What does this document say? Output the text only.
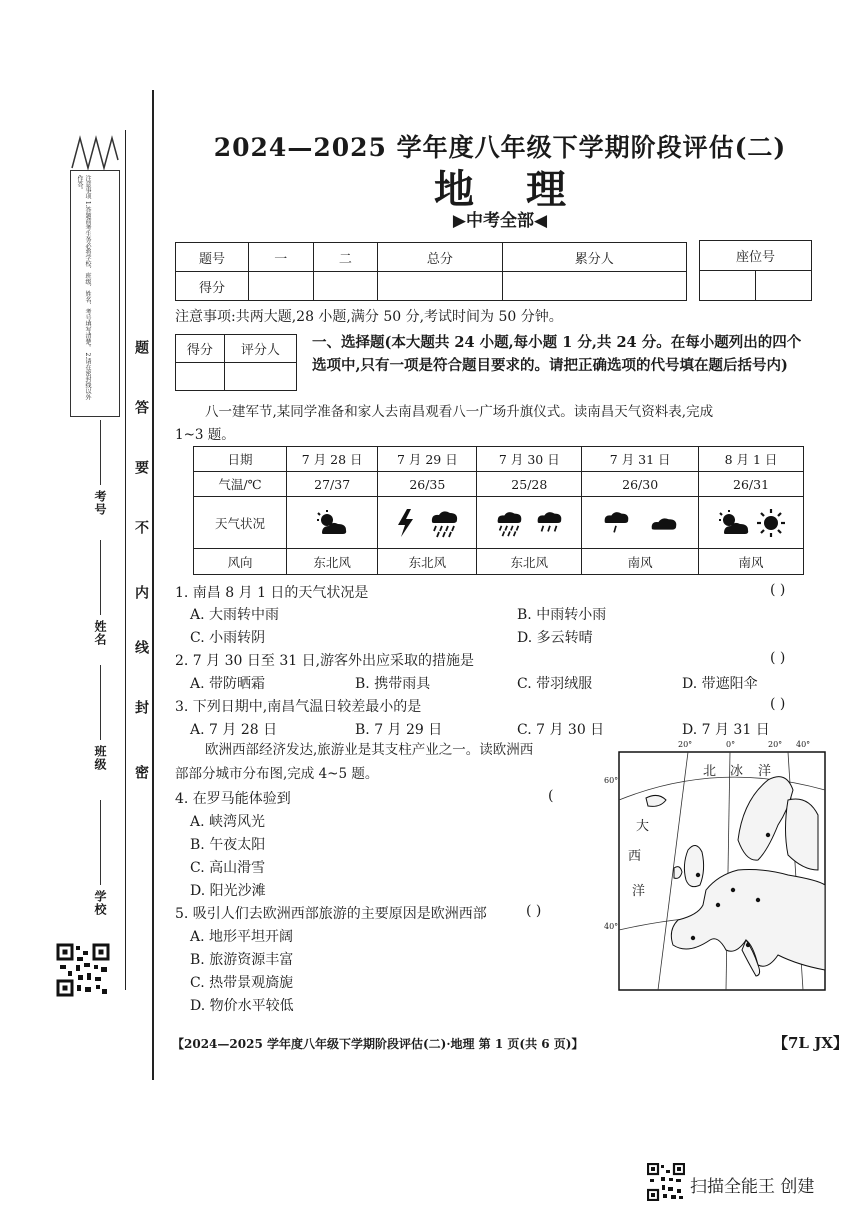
注意事项 1.答题前考生务必将学校、班级、姓名、考号填写清楚。 2.请在密封线以外作答。
题
答
要
不
内
线
封
密
考号
姓名
班级
学校
2024—2025 学年度八年级下学期阶段评估(二)
地理
▶中考全部◀
题号	一	二	总分	累分人
得分				
座位号

注意事项:共两大题,28 小题,满分 50 分,考试时间为 50 分钟。
得分	评分人
	一、选择题(本大题共 24 小题,每小题 1 分,共 24 分。在每小题列出的四个选项中,只有一项是符合题目要求的。请把正确选项的代号填在题后括号内)
八一建军节,某同学准备和家人去南昌观看八一广场升旗仪式。读南昌天气资料表,完成
1~3 题。
日期	7 月 28 日	7 月 29 日	7 月 30 日	7 月 31 日	8 月 1 日
气温/℃	27/37	26/35	25/28	26/30	26/31
天气状况					
风向	东北风	东北风	东北风	南风	南风
1. 南昌 8 月 1 日的天气状况是	( )
A. 大雨转中雨	B. 中雨转小雨
C. 小雨转阴	D. 多云转晴
2. 7 月 30 日至 31 日,游客外出应采取的措施是	( )
A. 带防晒霜	B. 携带雨具	C. 带羽绒服	D. 带遮阳伞
3. 下列日期中,南昌气温日较差最小的是	( )
A. 7 月 28 日	B. 7 月 29 日	C. 7 月 30 日	D. 7 月 31 日
欧洲西部经济发达,旅游业是其支柱产业之一。读欧洲西
部部分城市分布图,完成 4~5 题。
4. 在罗马能体验到	(
A. 峡湾风光
B. 午夜太阳
C. 高山滑雪
D. 阳光沙滩
5. 吸引人们去欧洲西部旅游的主要原因是欧洲西部	( )
A. 地形平坦开阔
B. 旅游资源丰富
C. 热带景观旖旎
D. 物价水平较低
20°	0°	20° 40°
60°
40°
北 冰 洋
大
西
洋
【2024—2025 学年度八年级下学期阶段评估(二)·地理 第 1 页(共 6 页)】	【7L JX】
扫描全能王 创建
